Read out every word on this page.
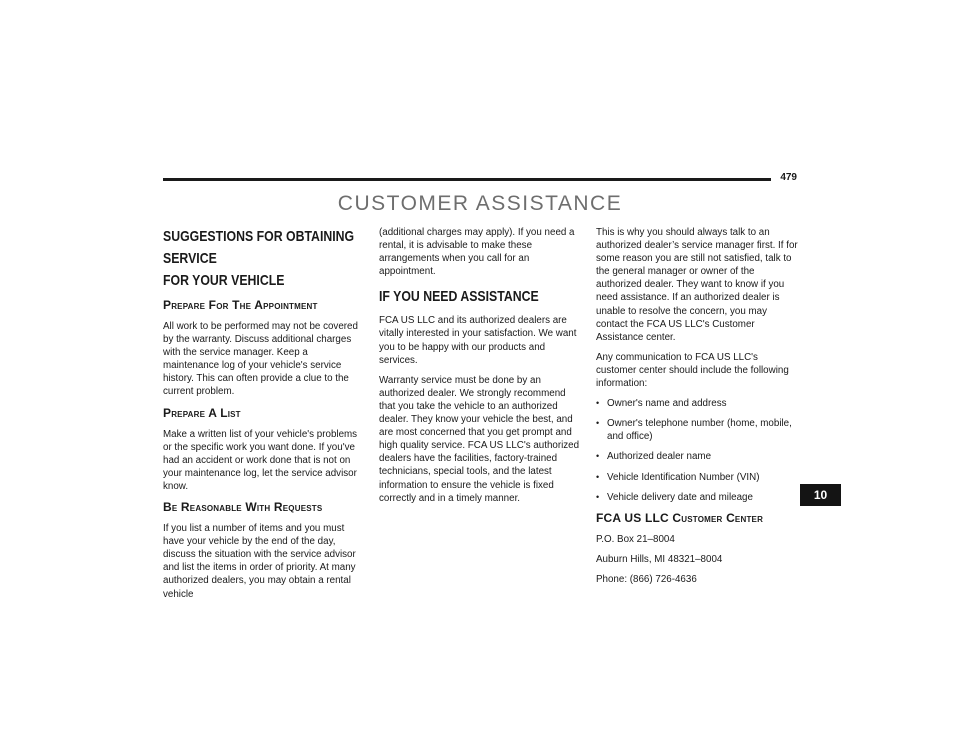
479
CUSTOMER ASSISTANCE
SUGGESTIONS FOR OBTAINING SERVICE
FOR YOUR VEHICLE
Prepare For The Appointment

All work to be performed may not be covered by the warranty. Discuss additional charges with the service manager. Keep a maintenance log of your vehicle's service history. This can often provide a clue to the current problem.

Prepare A List

Make a written list of your vehicle's problems or the specific work you want done. If you've had an accident or work done that is not on your maintenance log, let the service advisor know.

Be Reasonable With Requests

If you list a number of items and you must have your vehicle by the end of the day, discuss the situation with the service advisor and list the items in order of priority. At many authorized dealers, you may obtain a rental vehicle

(additional charges may apply). If you need a rental, it is advisable to make these arrangements when you call for an appointment.

IF YOU NEED ASSISTANCE

FCA US LLC and its authorized dealers are vitally interested in your satisfaction. We want you to be happy with our products and services.

Warranty service must be done by an authorized dealer. We strongly recommend that you take the vehicle to an authorized dealer. They know your vehicle the best, and are most concerned that you get prompt and high quality service. FCA US LLC's authorized dealers have the facilities, factory-trained technicians, special tools, and the latest information to ensure the vehicle is fixed correctly and in a timely manner.

This is why you should always talk to an authorized dealer’s service manager first. If for some reason you are still not satisfied, talk to the general manager or owner of the authorized dealer. They want to know if you need assistance. If an authorized dealer is unable to resolve the concern, you may contact the FCA US LLC's Customer Assistance center.

Any communication to FCA US LLC's customer center should include the following information:

• Owner's name and address
• Owner's telephone number (home, mobile, and office)
• Authorized dealer name
• Vehicle Identification Number (VIN)
• Vehicle delivery date and mileage
FCA US LLC Customer Center
P.O. Box 21–8004
Auburn Hills, MI 48321–8004
Phone: (866) 726-4636
10
